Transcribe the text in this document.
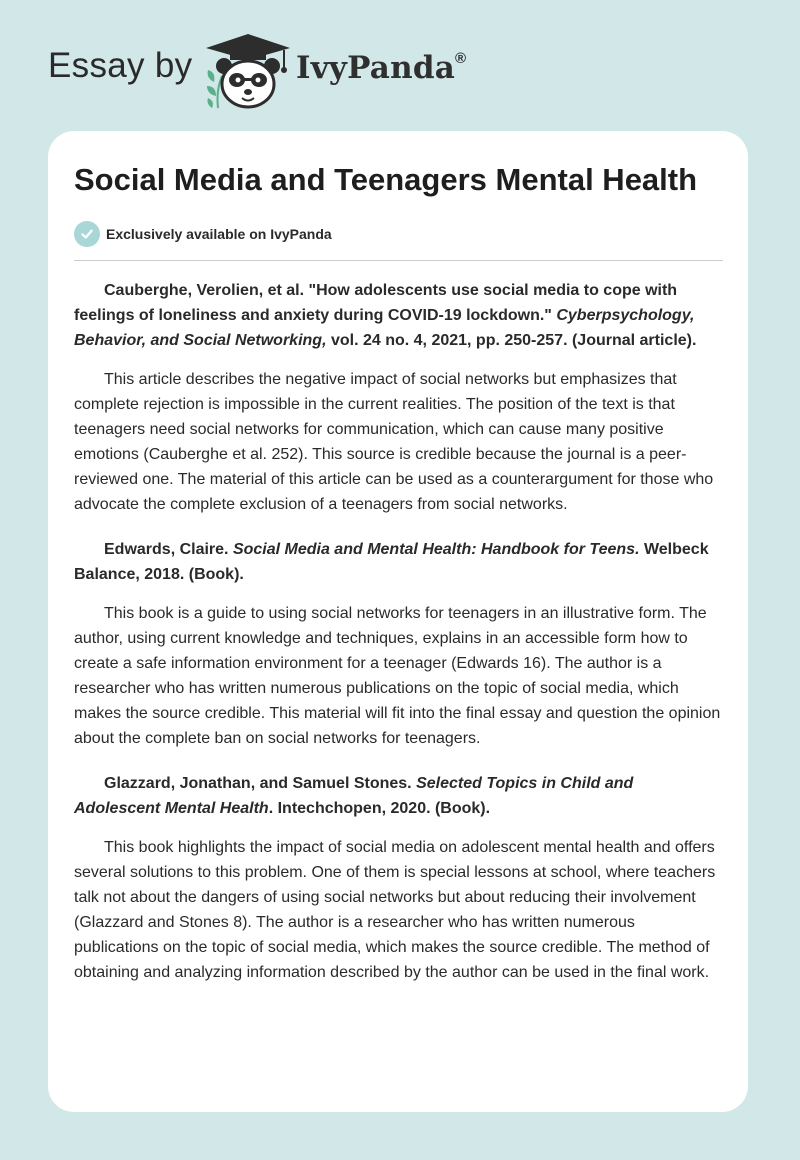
Essay by	IvyPanda®
Social Media and Teenagers Mental Health
Exclusively available on IvyPanda

Cauberghe, Verolien, et al. "How adolescents use social media to cope with feelings of loneliness and anxiety during COVID-19 lockdown." Cyberpsychology, Behavior, and Social Networking, vol. 24 no. 4, 2021, pp. 250-257. (Journal article).

This article describes the negative impact of social networks but emphasizes that complete rejection is impossible in the current realities. The position of the text is that teenagers need social networks for communication, which can cause many positive emotions (Cauberghe et al. 252). This source is credible because the journal is a peer-reviewed one. The material of this article can be used as a counterargument for those who advocate the complete exclusion of a teenagers from social networks.

Edwards, Claire. Social Media and Mental Health: Handbook for Teens. Welbeck Balance, 2018. (Book).

This book is a guide to using social networks for teenagers in an illustrative form. The author, using current knowledge and techniques, explains in an accessible form how to create a safe information environment for a teenager (Edwards 16). The author is a researcher who has written numerous publications on the topic of social media, which makes the source credible. This material will fit into the final essay and question the opinion about the complete ban on social networks for teenagers.

Glazzard, Jonathan, and Samuel Stones. Selected Topics in Child and Adolescent Mental Health. Intechchopen, 2020. (Book).

This book highlights the impact of social media on adolescent mental health and offers several solutions to this problem. One of them is special lessons at school, where teachers talk not about the dangers of using social networks but about reducing their involvement (Glazzard and Stones 8). The author is a researcher who has written numerous publications on the topic of social media, which makes the source credible. The method of obtaining and analyzing information described by the author can be used in the final work.
